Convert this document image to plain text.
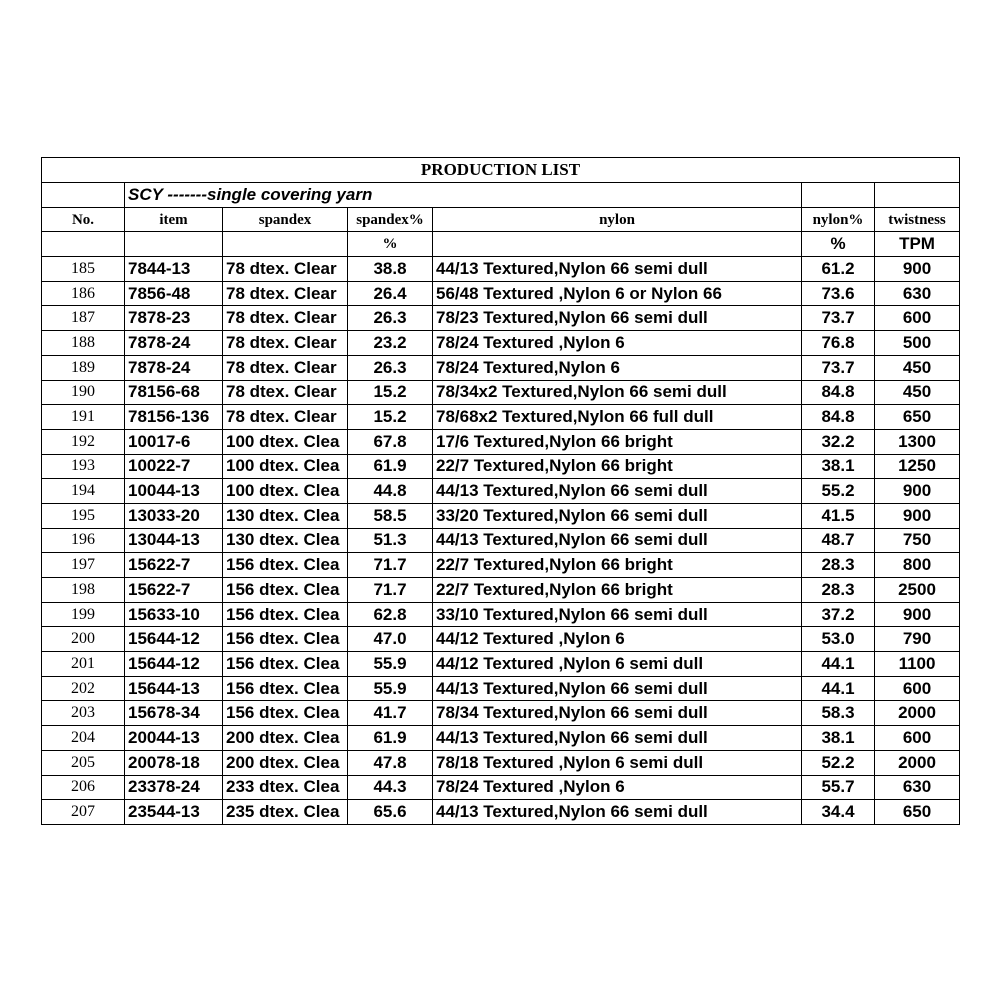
PRODUCTION LIST						
	SCY -------single covering yarn					
No.	item	spandex	spandex%	nylon	nylon%	twistness
			%		%	TPM
185	7844-13	78 dtex. Clear	38.8	44/13 Textured,Nylon 66 semi dull	61.2	900
186	7856-48	78 dtex. Clear	26.4	56/48 Textured ,Nylon 6 or Nylon 66	73.6	630
187	7878-23	78 dtex. Clear	26.3	78/23 Textured,Nylon 66 semi dull	73.7	600
188	7878-24	78 dtex. Clear	23.2	78/24 Textured ,Nylon 6	76.8	500
189	7878-24	78 dtex. Clear	26.3	78/24 Textured,Nylon 6	73.7	450
190	78156-68	78 dtex. Clear	15.2	78/34x2 Textured,Nylon 66 semi dull	84.8	450
191	78156-136	78 dtex. Clear	15.2	78/68x2 Textured,Nylon 66 full dull	84.8	650
192	10017-6	100 dtex. Clea	67.8	17/6 Textured,Nylon 66 bright	32.2	1300
193	10022-7	100 dtex. Clea	61.9	22/7 Textured,Nylon 66 bright	38.1	1250
194	10044-13	100 dtex. Clea	44.8	44/13 Textured,Nylon 66 semi dull	55.2	900
195	13033-20	130 dtex. Clea	58.5	33/20 Textured,Nylon 66 semi dull	41.5	900
196	13044-13	130 dtex. Clea	51.3	44/13 Textured,Nylon 66 semi dull	48.7	750
197	15622-7	156 dtex. Clea	71.7	22/7 Textured,Nylon 66 bright	28.3	800
198	15622-7	156 dtex. Clea	71.7	22/7 Textured,Nylon 66 bright	28.3	2500
199	15633-10	156 dtex. Clea	62.8	33/10 Textured,Nylon 66 semi dull	37.2	900
200	15644-12	156 dtex. Clea	47.0	44/12 Textured ,Nylon 6	53.0	790
201	15644-12	156 dtex. Clea	55.9	44/12 Textured ,Nylon 6 semi dull	44.1	1100
202	15644-13	156 dtex. Clea	55.9	44/13 Textured,Nylon 66 semi dull	44.1	600
203	15678-34	156 dtex. Clea	41.7	78/34 Textured,Nylon 66 semi dull	58.3	2000
204	20044-13	200 dtex. Clea	61.9	44/13 Textured,Nylon 66 semi dull	38.1	600
205	20078-18	200 dtex. Clea	47.8	78/18 Textured ,Nylon 6 semi dull	52.2	2000
206	23378-24	233 dtex. Clea	44.3	78/24 Textured ,Nylon 6	55.7	630
207	23544-13	235 dtex. Clea	65.6	44/13 Textured,Nylon 66 semi dull	34.4	650
